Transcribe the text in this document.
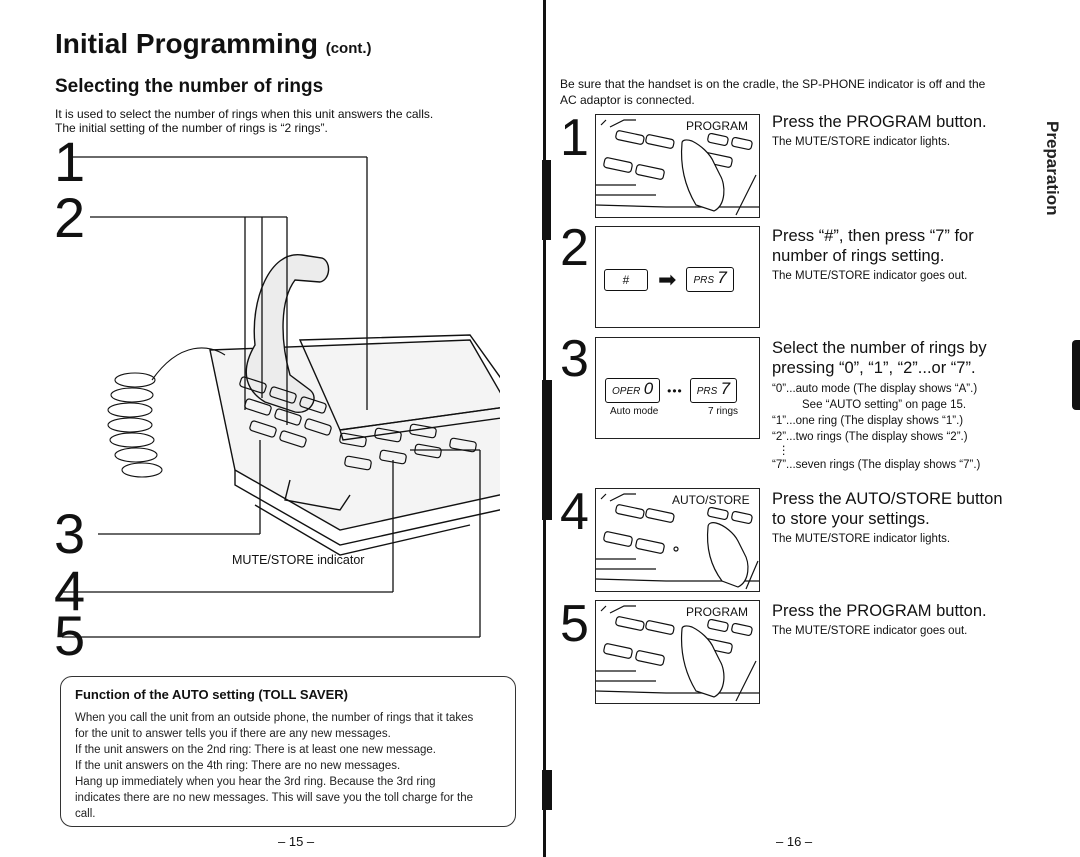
Initial Programming (cont.)
Selecting the number of rings
It is used to select the number of rings when this unit answers the calls.
The initial setting of the number of rings is “2 rings”.
1
2
3
4
5
MUTE/STORE indicator
Function of the AUTO setting (TOLL SAVER)
When you call the unit from an outside phone, the number of rings that it takes
for the unit to answer tells you if there are any new messages.
If the unit answers on the 2nd ring: There is at least one new message.
If the unit answers on the 4th ring: There are no new messages.
Hang up immediately when you hear the 3rd ring. Because the 3rd ring
indicates there are no new messages. This will save you the toll charge for the
call.
– 15 –
Be sure that the handset is on the cradle, the SP-PHONE indicator is off and the
AC adaptor is connected.
1	PROGRAM Press the PROGRAM button.
The MUTE/STORE indicator lights.
2
#	➡	PRS 7
Press “#”, then press “7” for
number of rings setting.
The MUTE/STORE indicator goes out.
3
OPER 0	•••	PRS 7
Auto mode	7 rings
Select the number of rings by
pressing “0”, “1”, “2”...or “7”.
“0”...auto mode (The display shows “A”.)
See “AUTO setting” on page 15.
“1”...one ring (The display shows “1”.)
“2”...two rings (The display shows “2”.)
⋮
“7”...seven rings (The display shows “7”.)
4	AUTO/STORE Press the AUTO/STORE button
to store your settings.
The MUTE/STORE indicator lights.
5	PROGRAM Press the PROGRAM button.
The MUTE/STORE indicator goes out.
Preparation
– 16 –
